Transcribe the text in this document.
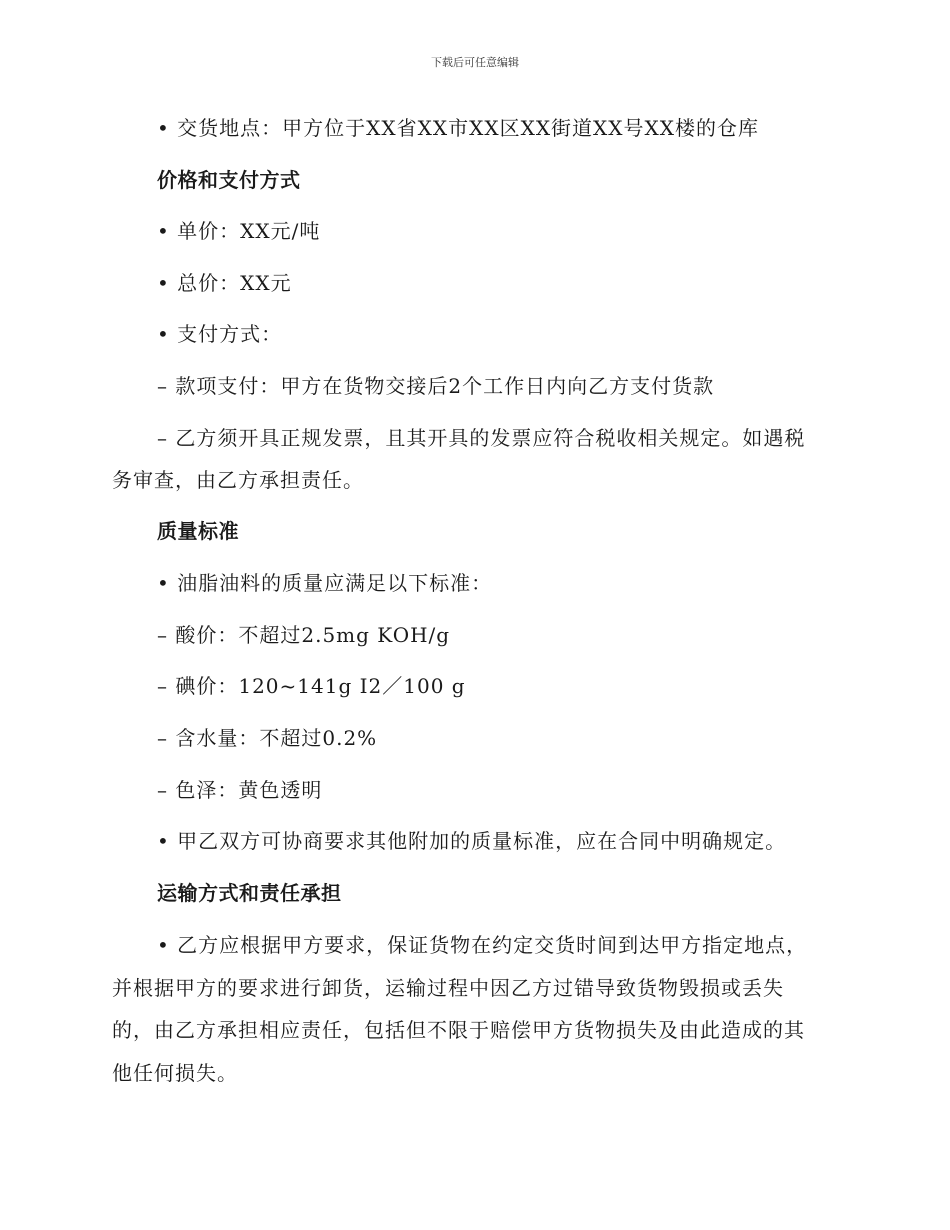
下载后可任意编辑
• 交货地点：甲方位于XX省XX市XX区XX街道XX号XX楼的仓库
价格和支付方式
• 单价：XX元/吨
• 总价：XX元
• 支付方式：
– 款项支付：甲方在货物交接后2个工作日内向乙方支付货款
– 乙方须开具正规发票，且其开具的发票应符合税收相关规定。如遇税
务审查，由乙方承担责任。
质量标准
• 油脂油料的质量应满足以下标准：
– 酸价：不超过2.5mg KOH/g
– 碘价：120~141g I2／100 g
– 含水量：不超过0.2%
– 色泽：黄色透明
• 甲乙双方可协商要求其他附加的质量标准，应在合同中明确规定。
运输方式和责任承担
• 乙方应根据甲方要求，保证货物在约定交货时间到达甲方指定地点，
并根据甲方的要求进行卸货，运输过程中因乙方过错导致货物毁损或丢失
的，由乙方承担相应责任，包括但不限于赔偿甲方货物损失及由此造成的其
他任何损失。
